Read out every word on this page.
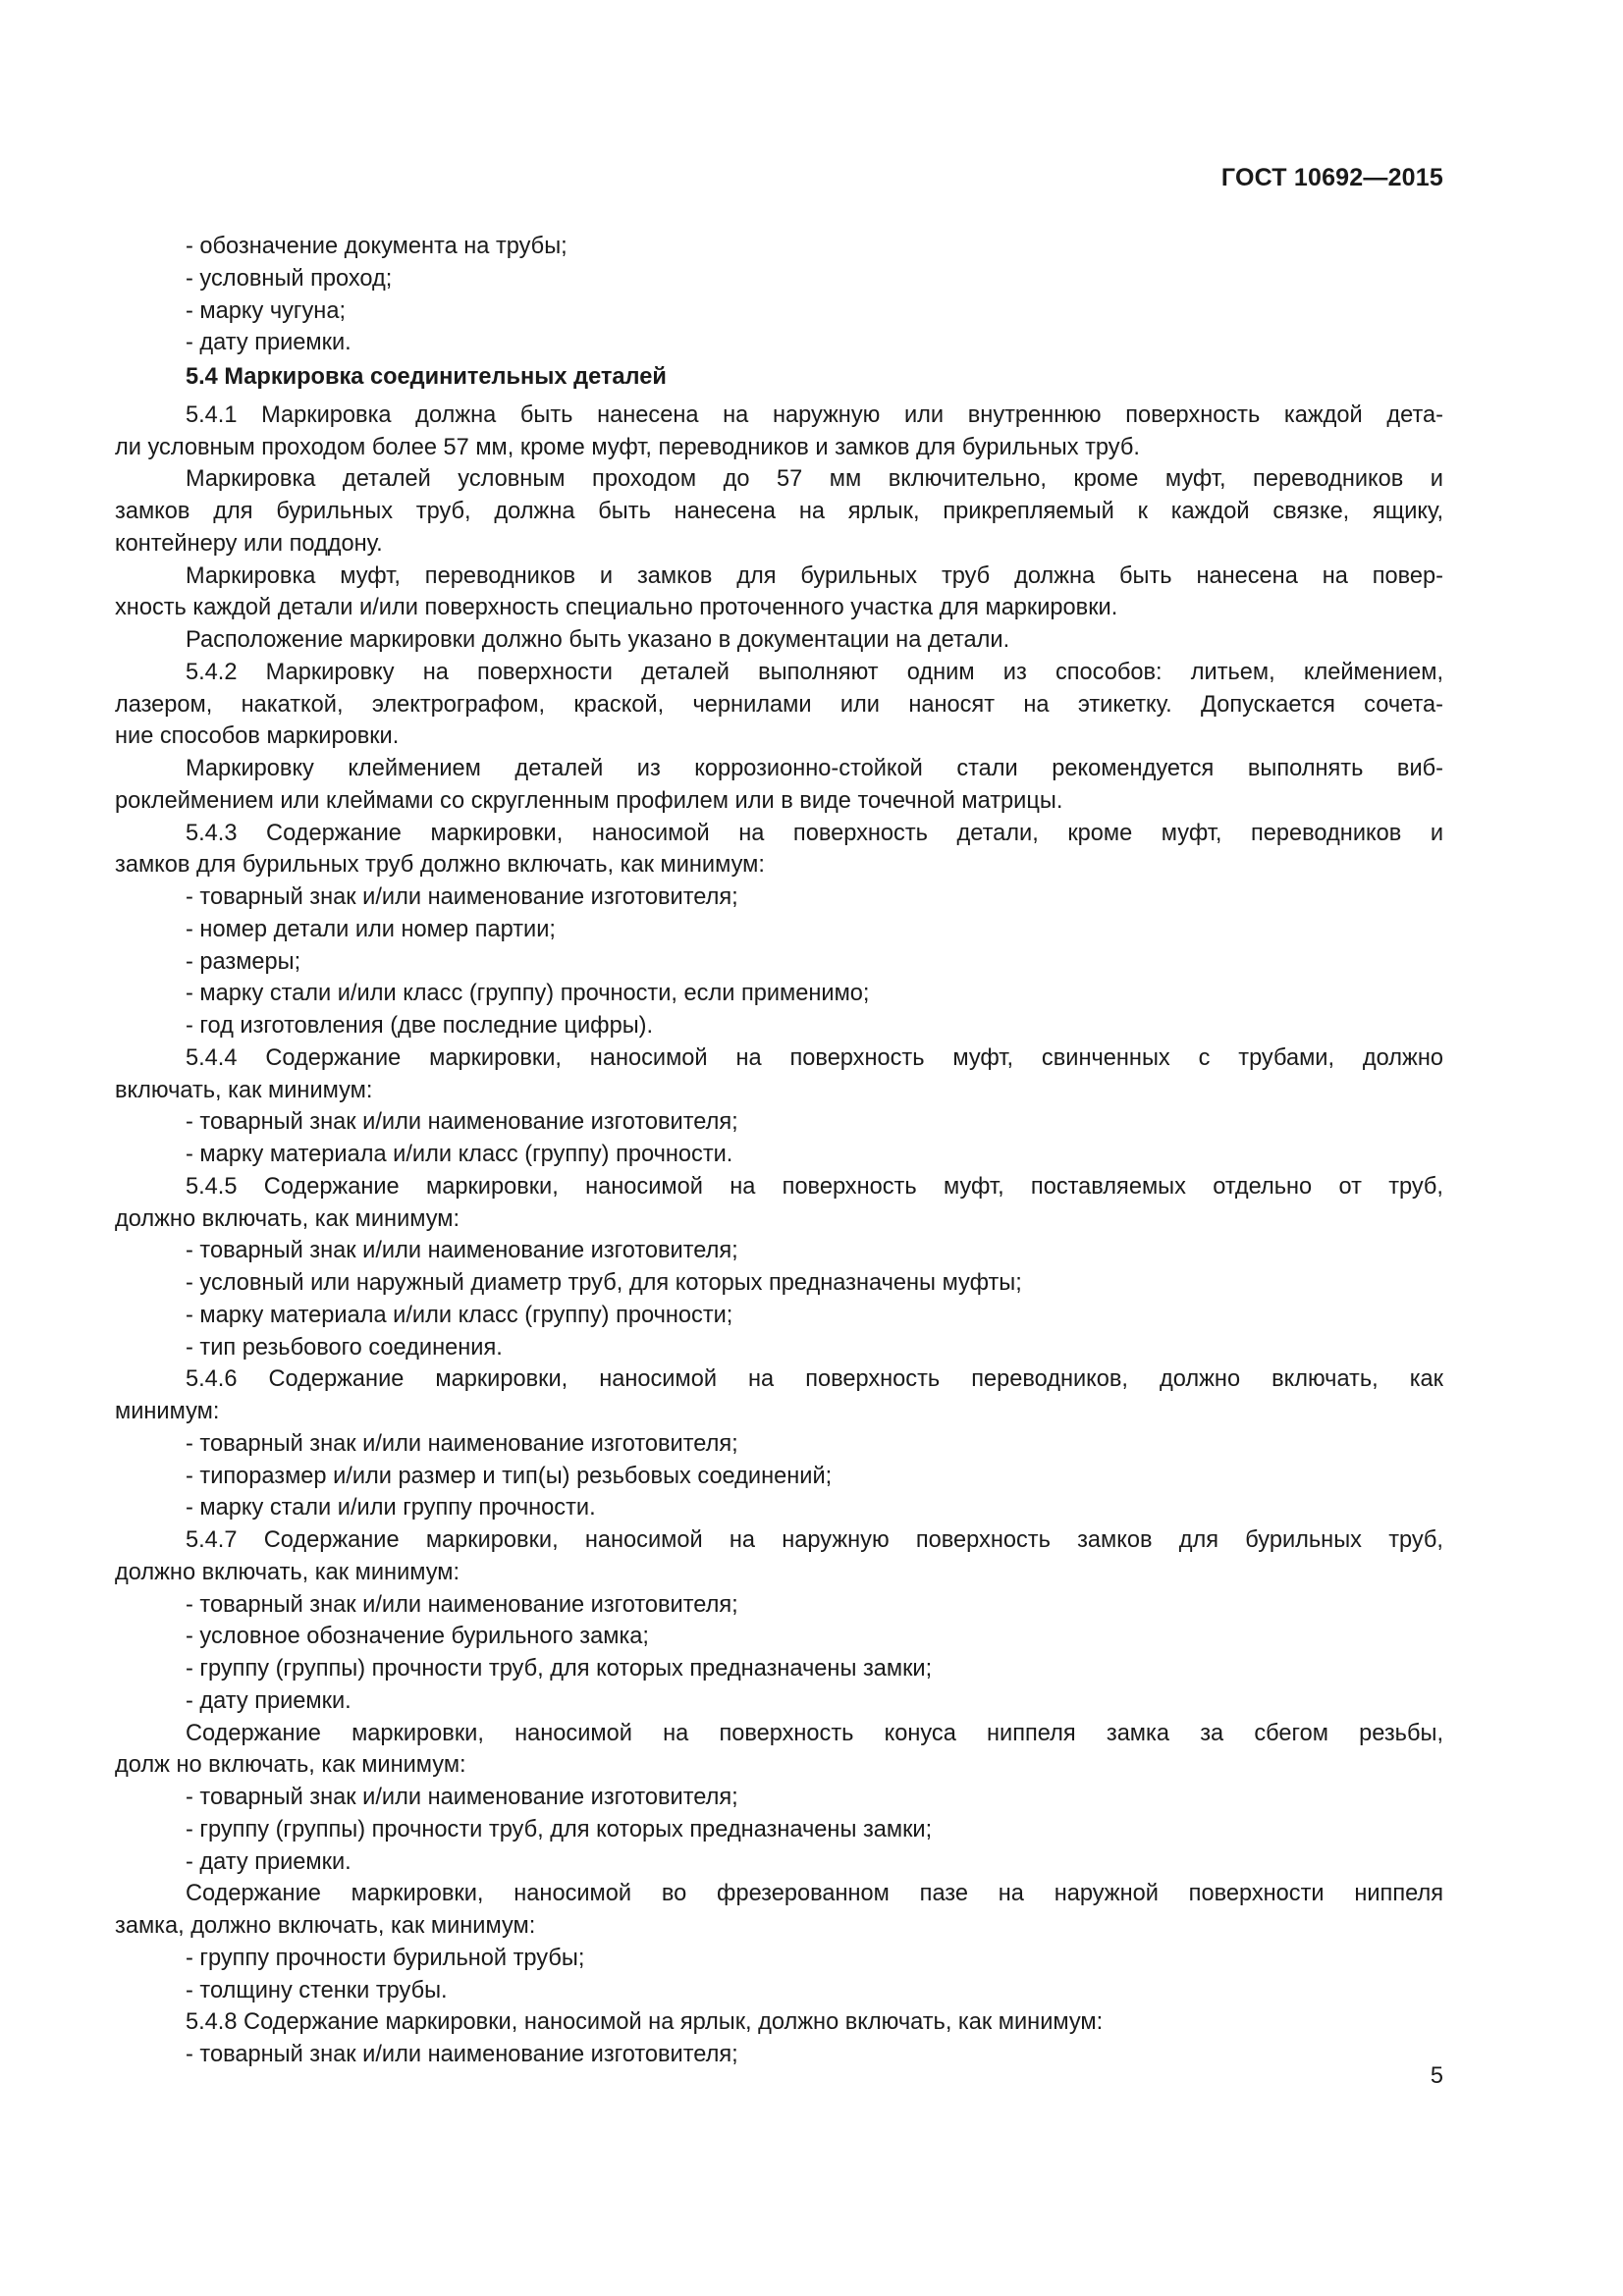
ГОСТ 10692—2015
- обозначение документа на трубы;
- условный проход;
- марку чугуна;
- дату приемки.
5.4 Маркировка соединительных деталей
5.4.1 Маркировка должна быть нанесена на наружную или внутреннюю поверхность каждой дета-
ли условным проходом более 57 мм, кроме муфт, переводников и замков для бурильных труб.
Маркировка деталей условным проходом до 57 мм включительно, кроме муфт, переводников и
замков для бурильных труб, должна быть нанесена на ярлык, прикрепляемый к каждой связке, ящику,
контейнеру или поддону.
Маркировка муфт, переводников и замков для бурильных труб должна быть нанесена на повер-
хность каждой детали и/или поверхность специально проточенного участка для маркировки.
Расположение маркировки должно быть указано в документации на детали.
5.4.2 Маркировку на поверхности деталей выполняют одним из способов: литьем, клеймением,
лазером, накаткой, электрографом, краской, чернилами или наносят на этикетку. Допускается сочета-
ние способов маркировки.
Маркировку клеймением деталей из коррозионно-стойкой стали рекомендуется выполнять виб-
роклеймением или клеймами со скругленным профилем или в виде точечной матрицы.
5.4.3 Содержание маркировки, наносимой на поверхность детали, кроме муфт, переводников и
замков для бурильных труб должно включать, как минимум:
- товарный знак и/или наименование изготовителя;
- номер детали или номер партии;
- размеры;
- марку стали и/или класс (группу) прочности, если применимо;
- год изготовления (две последние цифры).
5.4.4 Содержание маркировки, наносимой на поверхность муфт, свинченных с трубами, должно
включать, как минимум:
- товарный знак и/или наименование изготовителя;
- марку материала и/или класс (группу) прочности.
5.4.5 Содержание маркировки, наносимой на поверхность муфт, поставляемых отдельно от труб,
должно включать, как минимум:
- товарный знак и/или наименование изготовителя;
- условный или наружный диаметр труб, для которых предназначены муфты;
- марку материала и/или класс (группу) прочности;
- тип резьбового соединения.
5.4.6 Содержание маркировки, наносимой на поверхность переводников, должно включать, как
минимум:
- товарный знак и/или наименование изготовителя;
- типоразмер и/или размер и тип(ы) резьбовых соединений;
- марку стали и/или группу прочности.
5.4.7 Содержание маркировки, наносимой на наружную поверхность замков для бурильных труб,
должно включать, как минимум:
- товарный знак и/или наименование изготовителя;
- условное обозначение бурильного замка;
- группу (группы) прочности труб, для которых предназначены замки;
- дату приемки.
Содержание маркировки, наносимой на поверхность конуса ниппеля замка за сбегом резьбы,
долж но включать, как минимум:
- товарный знак и/или наименование изготовителя;
- группу (группы) прочности труб, для которых предназначены замки;
- дату приемки.
Содержание маркировки, наносимой во фрезерованном пазе на наружной поверхности ниппеля
замка, должно включать, как минимум:
- группу прочности бурильной трубы;
- толщину стенки трубы.
5.4.8 Содержание маркировки, наносимой на ярлык, должно включать, как минимум:
- товарный знак и/или наименование изготовителя;
5
